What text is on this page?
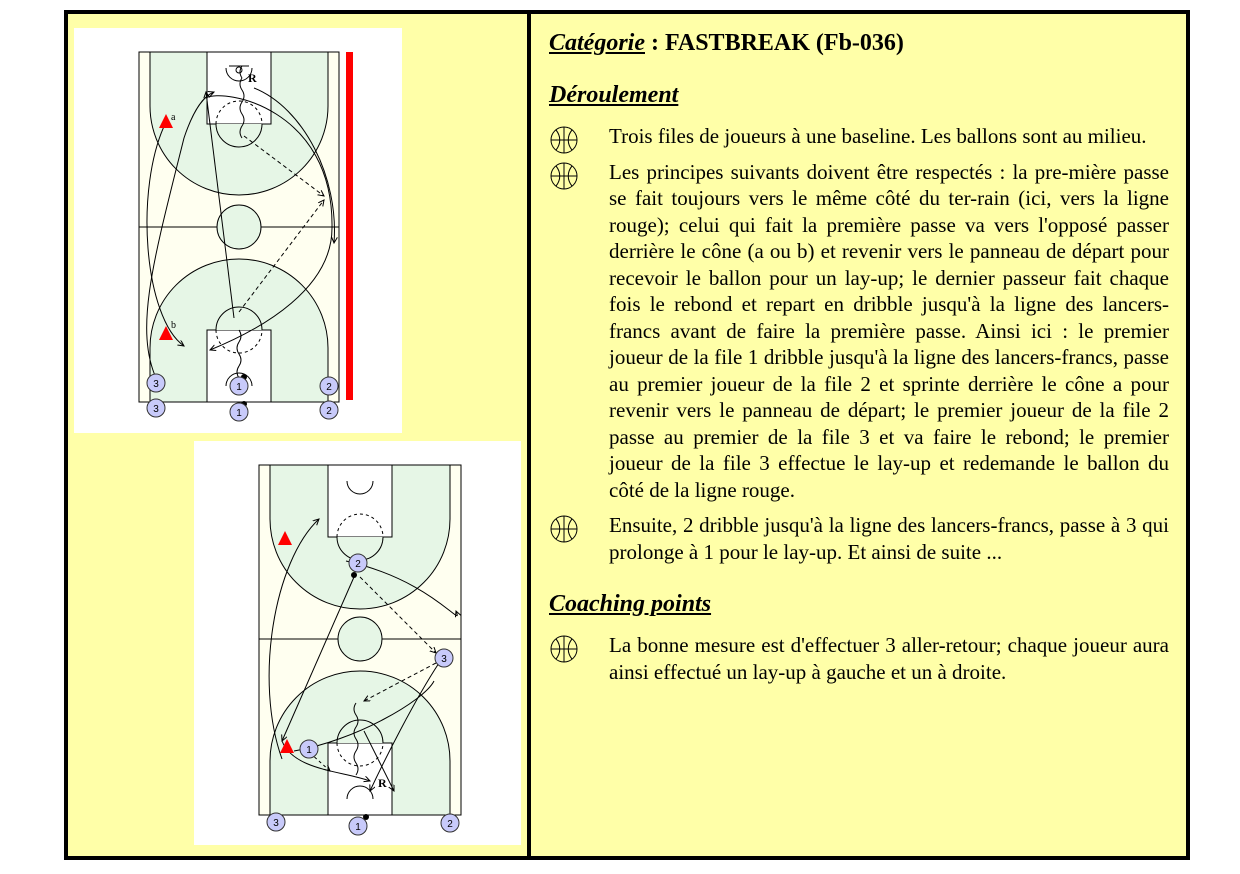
a
b
R
1
1
2
2
3
3
R
2
3
1
3	1	2
Catégorie : FASTBREAK (Fb-036)
Déroulement
Trois files de joueurs à une baseline. Les ballons sont au milieu.
Les principes suivants doivent être respectés : la pre-mière passe se fait toujours vers le même côté du ter-rain (ici, vers la ligne rouge); celui qui fait la première passe va vers l'opposé passer derrière le cône (a ou b) et revenir vers le panneau de départ pour recevoir le ballon pour un lay-up; le dernier passeur fait chaque fois le rebond et repart en dribble jusqu'à la ligne des lancers-francs avant de faire la première passe. Ainsi ici : le premier joueur de la file 1 dribble jusqu'à la ligne des lancers-francs, passe au premier joueur de la file 2 et sprinte derrière le cône a pour revenir vers le panneau de départ; le premier joueur de la file 2 passe au premier de la file 3 et va faire le rebond; le premier joueur de la file 3 effectue le lay-up et redemande le ballon du côté de la ligne rouge.
Ensuite, 2 dribble jusqu'à la ligne des lancers-francs, passe à 3 qui prolonge à 1 pour le lay-up. Et ainsi de suite ...
Coaching points
La bonne mesure est d'effectuer 3 aller-retour; chaque joueur aura ainsi effectué un lay-up à gauche et un à droite.
